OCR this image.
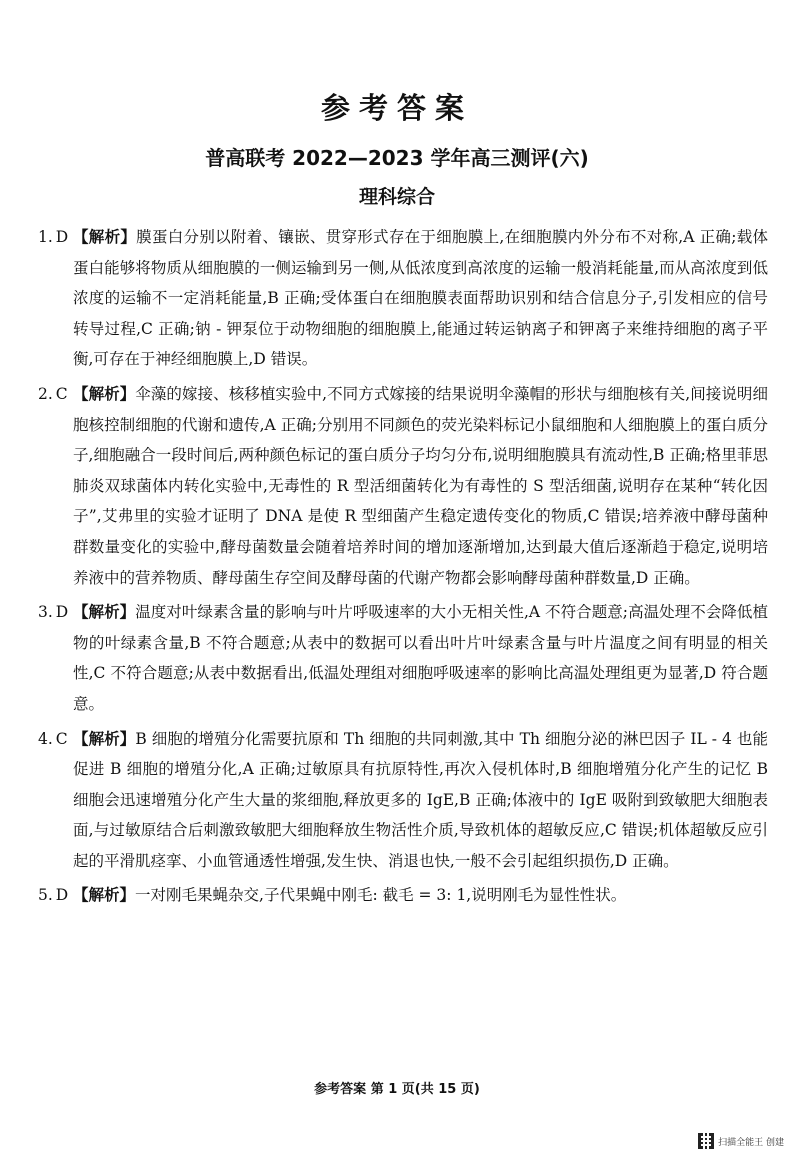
参考答案
普高联考 2022—2023 学年高三测评(六)
理科综合
1. D 【解析】膜蛋白分别以附着、镶嵌、贯穿形式存在于细胞膜上,在细胞膜内外分布不对称,A 正确;载体蛋白能够将物质从细胞膜的一侧运输到另一侧,从低浓度到高浓度的运输一般消耗能量,而从高浓度到低浓度的运输不一定消耗能量,B 正确;受体蛋白在细胞膜表面帮助识别和结合信息分子,引发相应的信号转导过程,C 正确;钠 - 钾泵位于动物细胞的细胞膜上,能通过转运钠离子和钾离子来维持细胞的离子平衡,可存在于神经细胞膜上,D 错误。
2. C 【解析】伞藻的嫁接、核移植实验中,不同方式嫁接的结果说明伞藻帽的形状与细胞核有关,间接说明细胞核控制细胞的代谢和遗传,A 正确;分别用不同颜色的荧光染料标记小鼠细胞和人细胞膜上的蛋白质分子,细胞融合一段时间后,两种颜色标记的蛋白质分子均匀分布,说明细胞膜具有流动性,B 正确;格里菲思肺炎双球菌体内转化实验中,无毒性的 R 型活细菌转化为有毒性的 S 型活细菌,说明存在某种“转化因子”,艾弗里的实验才证明了 DNA 是使 R 型细菌产生稳定遗传变化的物质,C 错误;培养液中酵母菌种群数量变化的实验中,酵母菌数量会随着培养时间的增加逐渐增加,达到最大值后逐渐趋于稳定,说明培养液中的营养物质、酵母菌生存空间及酵母菌的代谢产物都会影响酵母菌种群数量,D 正确。
3. D 【解析】温度对叶绿素含量的影响与叶片呼吸速率的大小无相关性,A 不符合题意;高温处理不会降低植物的叶绿素含量,B 不符合题意;从表中的数据可以看出叶片叶绿素含量与叶片温度之间有明显的相关性,C 不符合题意;从表中数据看出,低温处理组对细胞呼吸速率的影响比高温处理组更为显著,D 符合题意。
4. C 【解析】B 细胞的增殖分化需要抗原和 Th 细胞的共同刺激,其中 Th 细胞分泌的淋巴因子 IL - 4 也能促进 B 细胞的增殖分化,A 正确;过敏原具有抗原特性,再次入侵机体时,B 细胞增殖分化产生的记忆 B 细胞会迅速增殖分化产生大量的浆细胞,释放更多的 IgE,B 正确;体液中的 IgE 吸附到致敏肥大细胞表面,与过敏原结合后刺激致敏肥大细胞释放生物活性介质,导致机体的超敏反应,C 错误;机体超敏反应引起的平滑肌痉挛、小血管通透性增强,发生快、消退也快,一般不会引起组织损伤,D 正确。
5. D 【解析】一对刚毛果蝇杂交,子代果蝇中刚毛: 截毛 = 3: 1,说明刚毛为显性性状。
参考答案 第 1 页(共 15 页)
扫描全能王 创建
